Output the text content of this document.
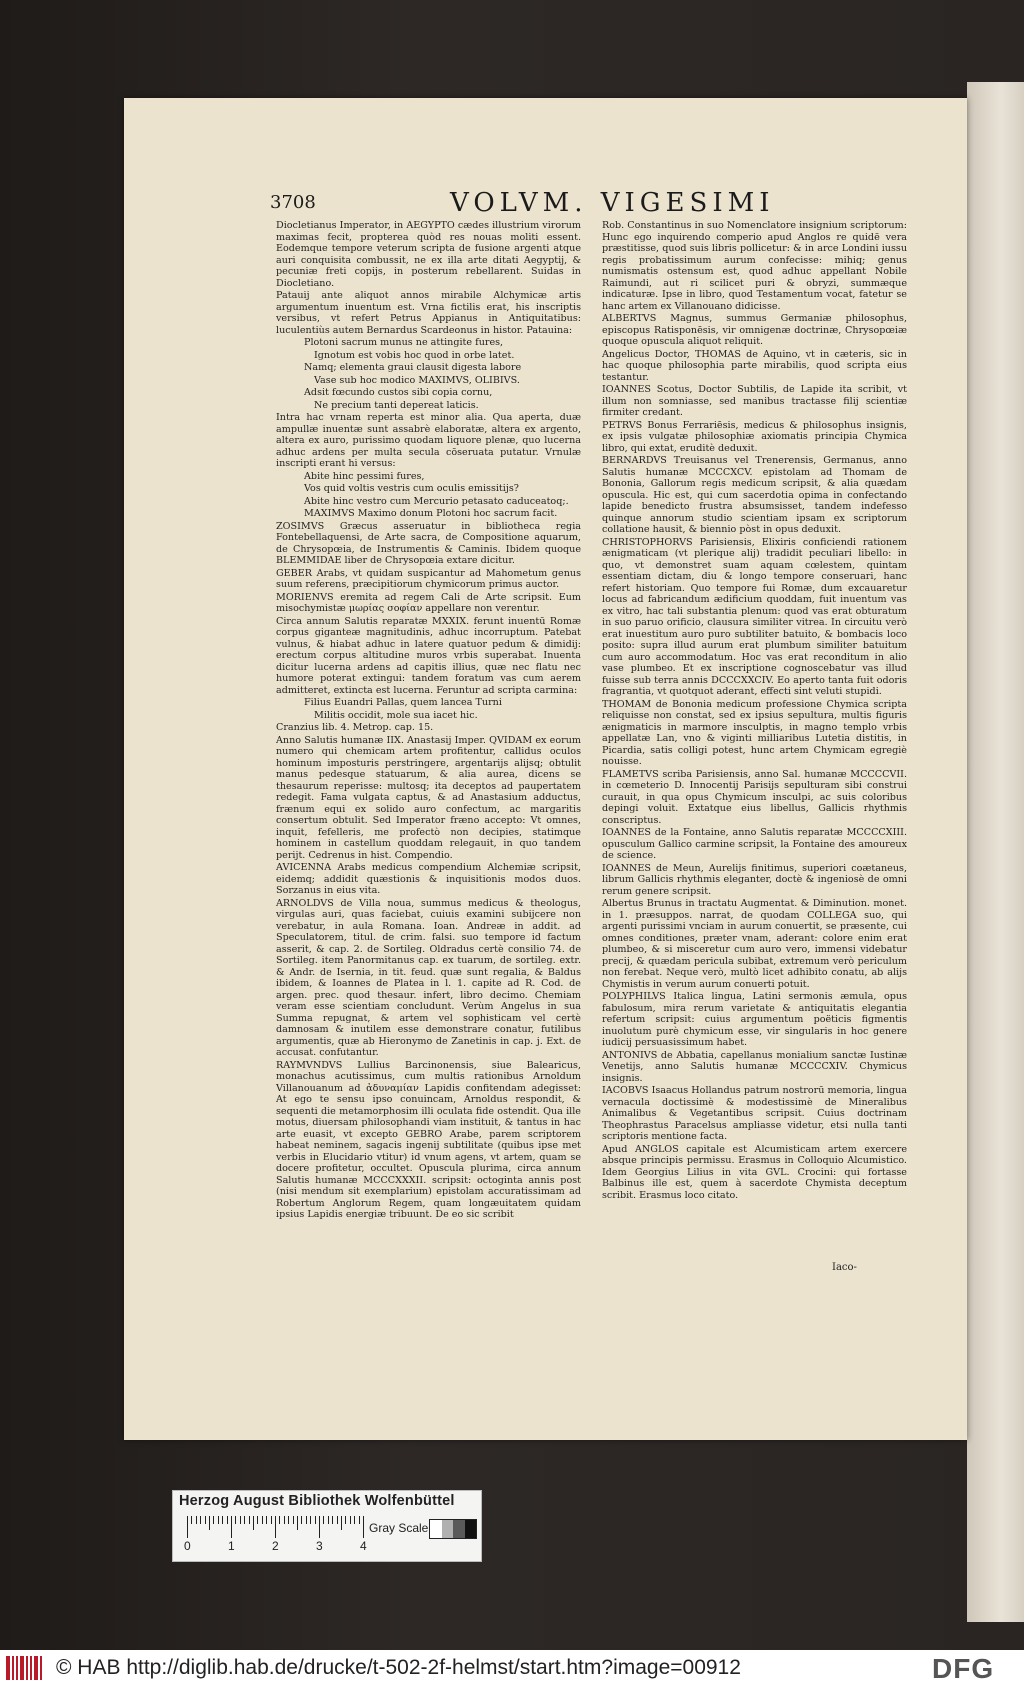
3708	VOLVM. VIGESIMI

Diocletianus Imperator, in AEGYPTO cædes illustrium virorum maximas fecit, propterea quòd res nouas moliti essent. Eodemque tempore veterum scripta de fusione argenti atque auri conquisita combussit, ne ex illa arte ditati Aegyptij, & pecuniæ freti copijs, in posterum rebellarent. Suidas in Diocletiano.

Patauij ante aliquot annos mirabile Alchymicæ artis argumentum inuentum est. Vrna fictilis erat, his inscriptis versibus, vt refert Petrus Appianus in Antiquitatibus: luculentiùs autem Bernardus Scardeonus in histor. Patauina:

Plotoni sacrum munus ne attingite fures,

Ignotum est vobis hoc quod in orbe latet.

Namq; elementa graui clausit digesta labore

Vase sub hoc modico MAXIMVS, OLIBIVS.

Adsit fœcundo custos sibi copia cornu,

Ne precium tanti depereat laticis.

Intra hac vrnam reperta est minor alia. Qua aperta, duæ ampullæ inuentæ sunt assabrè elaboratæ, altera ex argento, altera ex auro, purissimo quodam liquore plenæ, quo lucerna adhuc ardens per multa secula cōseruata putatur. Vrnulæ inscripti erant hi versus:

Abite hinc pessimi fures,

Vos quid voltis vestris cum oculis emissitijs?

Abite hinc vestro cum Mercurio petasato caduceatoq;.

MAXIMVS Maximo donum Plotoni hoc sacrum facit.

ZOSIMVS Græcus asseruatur in bibliotheca regia Fontebellaquensi, de Arte sacra, de Compositione aquarum, de Chrysopœia, de Instrumentis & Caminis. Ibidem quoque BLEMMIDAE liber de Chrysopœia extare dicitur.

GEBER Arabs, vt quidam suspicantur ad Mahometum genus suum referens, præcipitiorum chymicorum primus auctor.

MORIENVS eremita ad regem Cali de Arte scripsit. Eum misochymistæ μωρίας σοφίαν appellare non verentur.

Circa annum Salutis reparatæ MXXIX. ferunt inuentū Romæ corpus giganteæ magnitudinis, adhuc incorruptum. Patebat vulnus, & hiabat adhuc in latere quatuor pedum & dimidij: erectum corpus altitudine muros vrbis superabat. Inuenta dicitur lucerna ardens ad capitis illius, quæ nec flatu nec humore poterat extingui: tandem foratum vas cum aerem admitteret, extincta est lucerna. Feruntur ad scripta carmina:

Filius Euandri Pallas, quem lancea Turni

Militis occidit, mole sua iacet hic.

Cranzius lib. 4. Metrop. cap. 15.

Anno Salutis humanæ IIX. Anastasij Imper. QVIDAM ex eorum numero qui chemicam artem profitentur, callidus oculos hominum imposturis perstringere, argentarijs alijsq; obtulit manus pedesque statuarum, & alia aurea, dicens se thesaurum reperisse: multosq; ita deceptos ad paupertatem redegit. Fama vulgata captus, & ad Anastasium adductus, frænum equi ex solido auro confectum, ac margaritis consertum obtulit. Sed Imperator fræno accepto: Vt omnes, inquit, fefelleris, me profectò non decipies, statimque hominem in castellum quoddam relegauit, in quo tandem perijt. Cedrenus in hist. Compendio.

AVICENNA Arabs medicus compendium Alchemiæ scripsit, eidemq; addidit quæstionis & inquisitionis modos duos. Sorzanus in eius vita.

ARNOLDVS de Villa noua, summus medicus & theologus, virgulas auri, quas faciebat, cuiuis examini subijcere non verebatur, in aula Romana. Ioan. Andreæ in addit. ad Speculatorem, titul. de crim. falsi. suo tempore id factum asserit, & cap. 2. de Sortileg. Oldradus certè consilio 74. de Sortileg. item Panormitanus cap. ex tuarum, de sortileg. extr. & Andr. de Isernia, in tit. feud. quæ sunt regalia, & Baldus ibidem, & Ioannes de Platea in l. 1. capite ad R. Cod. de argen. prec. quod thesaur. infert, libro decimo. Chemiam veram esse scientiam concludunt. Verùm Angelus in sua Summa repugnat, & artem vel sophisticam vel certè damnosam & inutilem esse demonstrare conatur, futilibus argumentis, quæ ab Hieronymo de Zanetinis in cap. j. Ext. de accusat. confutantur.

RAYMVNDVS Lullius Barcinonensis, siue Balearicus, monachus acutissimus, cum multis rationibus Arnoldum Villanouanum ad ἀδυναμίαν Lapidis confitendam adegisset: At ego te sensu ipso conuincam, Arnoldus respondit, & sequenti die metamorphosim illi oculata fide ostendit. Qua ille motus, diuersam philosophandi viam instituit, & tantus in hac arte euasit, vt excepto GEBRO Arabe, parem scriptorem habeat neminem, sagacis ingenij subtilitate (quibus ipse met verbis in Elucidario vtitur) id vnum agens, vt artem, quam se docere profitetur, occultet. Opuscula plurima, circa annum Salutis humanæ MCCCXXXII. scripsit: octoginta annis post (nisi mendum sit exemplarium) epistolam accuratissimam ad Robertum Anglorum Regem, quam longæuitatem quidam ipsius Lapidis energiæ tribuunt. De eo sic scribit

Rob. Constantinus in suo Nomenclatore insignium scriptorum: Hunc ego inquirendo comperio apud Anglos re quidē vera præstitisse, quod suis libris pollicetur: & in arce Londini iussu regis probatissimum aurum confecisse: mihiq; genus numismatis ostensum est, quod adhuc appellant Nobile Raimundi, aut ri scilicet puri & obryzi, summæque indicaturæ. Ipse in libro, quod Testamentum vocat, fatetur se hanc artem ex Villanouano didicisse.

ALBERTVS Magnus, summus Germaniæ philosophus, episcopus Ratisponēsis, vir omnigenæ doctrinæ, Chrysopœiæ quoque opuscula aliquot reliquit.

Angelicus Doctor, THOMAS de Aquino, vt in cæteris, sic in hac quoque philosophia parte mirabilis, quod scripta eius testantur.

IOANNES Scotus, Doctor Subtilis, de Lapide ita scribit, vt illum non somniasse, sed manibus tractasse filij scientiæ firmiter credant.

PETRVS Bonus Ferrariēsis, medicus & philosophus insignis, ex ipsis vulgatæ philosophiæ axiomatis principia Chymica libro, qui extat, eruditè deduxit.

BERNARDVS Treuisanus vel Trenerensis, Germanus, anno Salutis humanæ MCCCXCV. epistolam ad Thomam de Bononia, Gallorum regis medicum scripsit, & alia quædam opuscula. Hic est, qui cum sacerdotia opima in confectando lapide benedicto frustra absumsisset, tandem indefesso quinque annorum studio scientiam ipsam ex scriptorum collatione hausit, & biennio pòst in opus deduxit.

CHRISTOPHORVS Parisiensis, Elixiris conficiendi rationem ænigmaticam (vt plerique alij) tradidit peculiari libello: in quo, vt demonstret suam aquam cœlestem, quintam essentiam dictam, diu & longo tempore conseruari, hanc refert historiam. Quo tempore fui Romæ, dum excauaretur locus ad fabricandum ædificium quoddam, fuit inuentum vas ex vitro, hac tali substantia plenum: quod vas erat obturatum in suo paruo orificio, clausura similiter vitrea. In circuitu verò erat inuestitum auro puro subtiliter batuito, & bombacis loco posito: supra illud aurum erat plumbum similiter batuitum cum auro accommodatum. Hoc vas erat reconditum in alio vase plumbeo. Et ex inscriptione cognoscebatur vas illud fuisse sub terra annis DCCCXXCIV. Eo aperto tanta fuit odoris fragrantia, vt quotquot aderant, effecti sint veluti stupidi.

THOMAM de Bononia medicum professione Chymica scripta reliquisse non constat, sed ex ipsius sepultura, multis figuris ænigmaticis in marmore insculptis, in magno templo vrbis appellatæ Lan, vno & viginti milliaribus Lutetia distitis, in Picardia, satis colligi potest, hunc artem Chymicam egregiè nouisse.

FLAMETVS scriba Parisiensis, anno Sal. humanæ MCCCCVII. in cœmeterio D. Innocentij Parisijs sepulturam sibi construi curauit, in qua opus Chymicum insculpi, ac suis coloribus depingi voluit. Extatque eius libellus, Gallicis rhythmis conscriptus.

IOANNES de la Fontaine, anno Salutis reparatæ MCCCCXIII. opusculum Gallico carmine scripsit, la Fontaine des amoureux de science.

IOANNES de Meun, Aurelijs finitimus, superiori coætaneus, librum Gallicis rhythmis eleganter, doctè & ingeniosè de omni rerum genere scripsit.

Albertus Brunus in tractatu Augmentat. & Diminution. monet. in 1. præsuppos. narrat, de quodam COLLEGA suo, qui argenti purissimi vnciam in aurum conuertit, se præsente, cui omnes conditiones, præter vnam, aderant: colore enim erat plumbeo, & si misceretur cum auro vero, immensi videbatur precij, & quædam pericula subibat, extremum verò periculum non ferebat. Neque verò, multò licet adhibito conatu, ab alijs Chymistis in verum aurum conuerti potuit.

POLYPHILVS Italica lingua, Latini sermonis æmula, opus fabulosum, mira rerum varietate & antiquitatis elegantia refertum scripsit: cuius argumentum poëticis figmentis inuolutum purè chymicum esse, vir singularis in hoc genere iudicij persuasissimum habet.

ANTONIVS de Abbatia, capellanus monialium sanctæ Iustinæ Venetijs, anno Salutis humanæ MCCCCXIV. Chymicus insignis.

IACOBVS Isaacus Hollandus patrum nostrorū memoria, lingua vernacula doctissimè & modestissimè de Mineralibus Animalibus & Vegetantibus scripsit. Cuius doctrinam Theophrastus Paracelsus ampliasse videtur, etsi nulla tanti scriptoris mentione facta.

Apud ANGLOS capitale est Alcumisticam artem exercere absque principis permissu. Erasmus in Colloquio Alcumistico. Idem Georgius Lilius in vita GVL. Crocini: qui fortasse Balbinus ille est, quem à sacerdote Chymista deceptum scribit. Erasmus loco citato.

Iaco-
Herzog August Bibliothek Wolfenbüttel
0	1	2	3	4
Gray Scale
© HAB http://diglib.hab.de/drucke/t-502-2f-helmst/start.htm?image=00912	DFG
